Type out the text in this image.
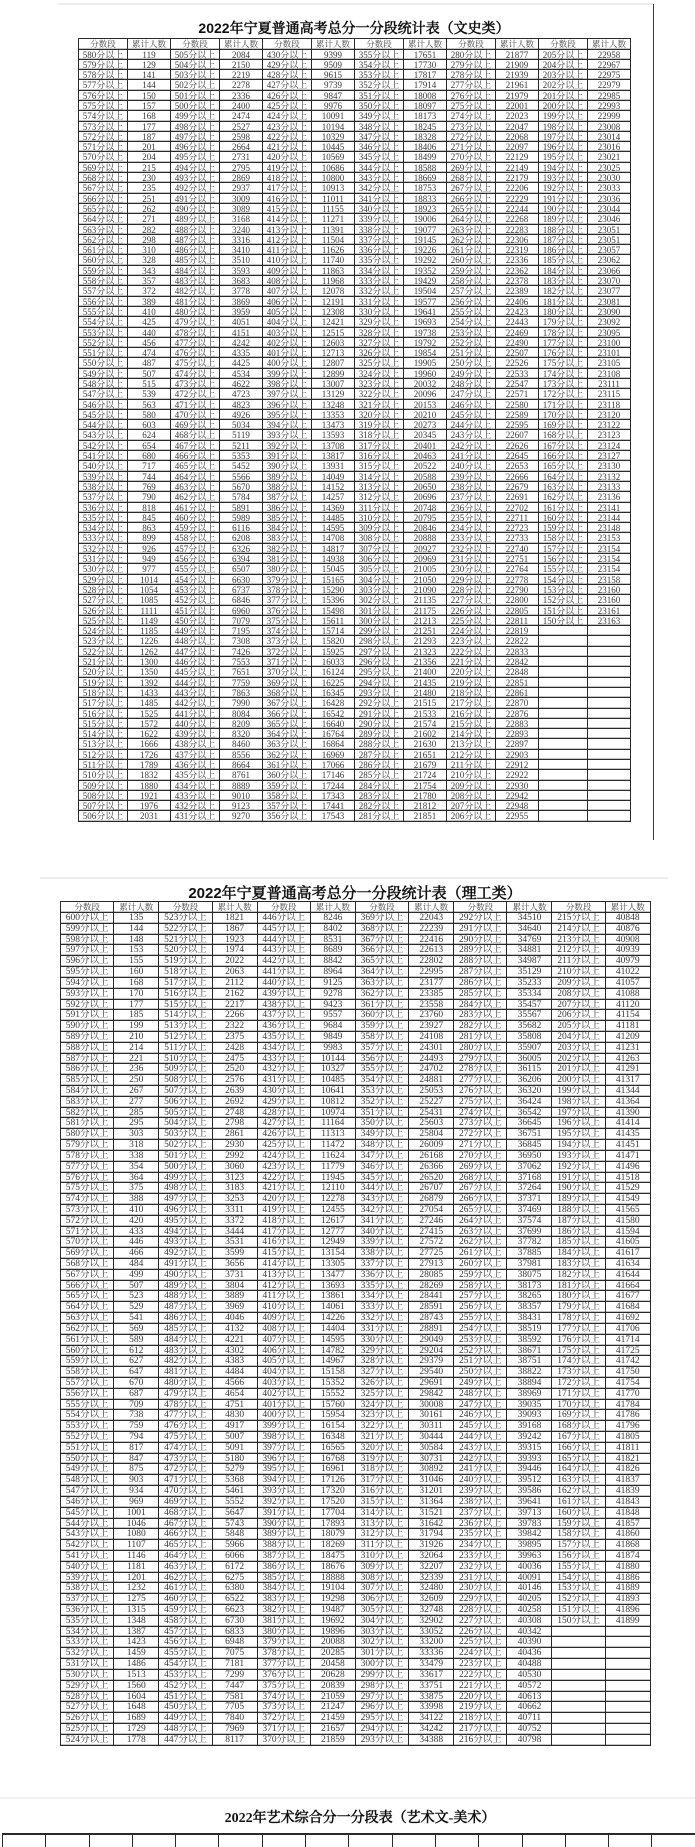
2022年宁夏普通高考总分一分段统计表（文史类）
分数段	累计人数	分数段	累计人数	分数段	累计人数	分数段	累计人数	分数段	累计人数	分数段	累计人数
580分以上	119	505分以上	2084	430分以上	9399	355分以上	17651	280分以上	21877	205分以上	22958
579分以上	129	504分以上	2150	429分以上	9509	354分以上	17730	279分以上	21909	204分以上	22967
578分以上	141	503分以上	2219	428分以上	9615	353分以上	17817	278分以上	21939	203分以上	22975
577分以上	144	502分以上	2278	427分以上	9739	352分以上	17914	277分以上	21961	202分以上	22979
576分以上	150	501分以上	2336	426分以上	9847	351分以上	18008	276分以上	21979	201分以上	22985
575分以上	157	500分以上	2400	425分以上	9976	350分以上	18097	275分以上	22001	200分以上	22993
574分以上	168	499分以上	2474	424分以上	10091	349分以上	18173	274分以上	22023	199分以上	22999
573分以上	177	498分以上	2527	423分以上	10194	348分以上	18245	273分以上	22047	198分以上	23008
572分以上	187	497分以上	2598	422分以上	10329	347分以上	18328	272分以上	22068	197分以上	23014
571分以上	201	496分以上	2664	421分以上	10445	346分以上	18406	271分以上	22097	196分以上	23016
570分以上	204	495分以上	2731	420分以上	10569	345分以上	18499	270分以上	22129	195分以上	23021
569分以上	215	494分以上	2795	419分以上	10686	344分以上	18588	269分以上	22149	194分以上	23025
568分以上	230	493分以上	2869	418分以上	10800	343分以上	18669	268分以上	22179	193分以上	23030
567分以上	235	492分以上	2937	417分以上	10913	342分以上	18753	267分以上	22206	192分以上	23033
566分以上	251	491分以上	3009	416分以上	11011	341分以上	18833	266分以上	22229	191分以上	23036
565分以上	262	490分以上	3089	415分以上	11155	340分以上	18923	265分以上	22244	190分以上	23044
564分以上	271	489分以上	3168	414分以上	11271	339分以上	19006	264分以上	22268	189分以上	23046
563分以上	282	488分以上	3240	413分以上	11391	338分以上	19077	263分以上	22283	188分以上	23051
562分以上	298	487分以上	3316	412分以上	11504	337分以上	19145	262分以上	22306	187分以上	23051
561分以上	310	486分以上	3410	411分以上	11626	336分以上	19226	261分以上	22319	186分以上	23057
560分以上	328	485分以上	3510	410分以上	11740	335分以上	19292	260分以上	22336	185分以上	23062
559分以上	343	484分以上	3593	409分以上	11863	334分以上	19352	259分以上	22362	184分以上	23066
558分以上	357	483分以上	3683	408分以上	11968	333分以上	19429	258分以上	22378	183分以上	23070
557分以上	372	482分以上	3778	407分以上	12078	332分以上	19504	257分以上	22389	182分以上	23077
556分以上	389	481分以上	3869	406分以上	12191	331分以上	19577	256分以上	22406	181分以上	23081
555分以上	410	480分以上	3959	405分以上	12308	330分以上	19641	255分以上	22423	180分以上	23090
554分以上	425	479分以上	4051	404分以上	12421	329分以上	19693	254分以上	22443	179分以上	23092
553分以上	440	478分以上	4151	403分以上	12515	328分以上	19738	253分以上	22469	178分以上	23095
552分以上	456	477分以上	4242	402分以上	12603	327分以上	19792	252分以上	22490	177分以上	23100
551分以上	474	476分以上	4335	401分以上	12713	326分以上	19854	251分以上	22507	176分以上	23101
550分以上	487	475分以上	4425	400分以上	12807	325分以上	19905	250分以上	22526	175分以上	23105
549分以上	507	474分以上	4534	399分以上	12899	324分以上	19960	249分以上	22533	174分以上	23108
548分以上	515	473分以上	4622	398分以上	13007	323分以上	20032	248分以上	22547	173分以上	23111
547分以上	539	472分以上	4723	397分以上	13129	322分以上	20096	247分以上	22571	172分以上	23115
546分以上	563	471分以上	4823	396分以上	13248	321分以上	20153	246分以上	22580	171分以上	23118
545分以上	580	470分以上	4926	395分以上	13353	320分以上	20210	245分以上	22589	170分以上	23120
544分以上	603	469分以上	5034	394分以上	13473	319分以上	20273	244分以上	22595	169分以上	23122
543分以上	624	468分以上	5119	393分以上	13593	318分以上	20345	243分以上	22607	168分以上	23123
542分以上	654	467分以上	5211	392分以上	13708	317分以上	20401	242分以上	22626	167分以上	23124
541分以上	680	466分以上	5353	391分以上	13817	316分以上	20463	241分以上	22645	166分以上	23127
540分以上	717	465分以上	5452	390分以上	13931	315分以上	20522	240分以上	22653	165分以上	23130
539分以上	744	464分以上	5566	389分以上	14049	314分以上	20588	239分以上	22666	164分以上	23132
538分以上	769	463分以上	5670	388分以上	14152	313分以上	20650	238分以上	22679	163分以上	23133
537分以上	790	462分以上	5784	387分以上	14257	312分以上	20696	237分以上	22691	162分以上	23136
536分以上	818	461分以上	5891	386分以上	14369	311分以上	20748	236分以上	22702	161分以上	23141
535分以上	845	460分以上	5989	385分以上	14485	310分以上	20795	235分以上	22711	160分以上	23144
534分以上	863	459分以上	6116	384分以上	14595	309分以上	20846	234分以上	22723	159分以上	23148
533分以上	899	458分以上	6208	383分以上	14708	308分以上	20888	233分以上	22733	158分以上	23153
532分以上	926	457分以上	6326	382分以上	14817	307分以上	20927	232分以上	22740	157分以上	23154
531分以上	949	456分以上	6394	381分以上	14938	306分以上	20969	231分以上	22751	156分以上	23154
530分以上	977	455分以上	6507	380分以上	15045	305分以上	21005	230分以上	22764	155分以上	23154
529分以上	1014	454分以上	6630	379分以上	15165	304分以上	21050	229分以上	22778	154分以上	23158
528分以上	1054	453分以上	6737	378分以上	15290	303分以上	21090	228分以上	22790	153分以上	23160
527分以上	1085	452分以上	6846	377分以上	15396	302分以上	21135	227分以上	22800	152分以上	23160
526分以上	1111	451分以上	6960	376分以上	15498	301分以上	21175	226分以上	22805	151分以上	23161
525分以上	1149	450分以上	7079	375分以上	15611	300分以上	21213	225分以上	22811	150分以上	23163
524分以上	1185	449分以上	7195	374分以上	15714	299分以上	21251	224分以上	22819
523分以上	1226	448分以上	7308	373分以上	15820	298分以上	21293	223分以上	22822
522分以上	1262	447分以上	7426	372分以上	15925	297分以上	21323	222分以上	22833
521分以上	1300	446分以上	7553	371分以上	16033	296分以上	21356	221分以上	22842
520分以上	1350	445分以上	7651	370分以上	16124	295分以上	21400	220分以上	22848
519分以上	1392	444分以上	7759	369分以上	16225	294分以上	21435	219分以上	22851
518分以上	1433	443分以上	7863	368分以上	16345	293分以上	21480	218分以上	22861
517分以上	1485	442分以上	7990	367分以上	16428	292分以上	21515	217分以上	22870
516分以上	1525	441分以上	8084	366分以上	16542	291分以上	21533	216分以上	22876
515分以上	1572	440分以上	8209	365分以上	16640	290分以上	21574	215分以上	22883
514分以上	1622	439分以上	8320	364分以上	16764	289分以上	21602	214分以上	22893
513分以上	1666	438分以上	8460	363分以上	16864	288分以上	21630	213分以上	22897
512分以上	1726	437分以上	8556	362分以上	16969	287分以上	21651	212分以上	22903
511分以上	1789	436分以上	8664	361分以上	17066	286分以上	21679	211分以上	22912
510分以上	1832	435分以上	8761	360分以上	17146	285分以上	21724	210分以上	22922
509分以上	1880	434分以上	8889	359分以上	17244	284分以上	21754	209分以上	22930
508分以上	1921	433分以上	9010	358分以上	17343	283分以上	21780	208分以上	22942
507分以上	1976	432分以上	9123	357分以上	17441	282分以上	21812	207分以上	22948
506分以上	2031	431分以上	9270	356分以上	17543	281分以上	21851	206分以上	22955
2022年宁夏普通高考总分一分段统计表（理工类）
分数段	累计人数	分数段	累计人数	分数段	累计人数	分数段	累计人数	分数段	累计人数	分数段	累计人数
600分以上	135	523分以上	1821	446分以上	8246	369分以上	22043	292分以上	34510	215分以上	40848
599分以上	144	522分以上	1867	445分以上	8402	368分以上	22239	291分以上	34640	214分以上	40876
598分以上	148	521分以上	1923	444分以上	8531	367分以上	22416	290分以上	34769	213分以上	40908
597分以上	153	520分以上	1974	443分以上	8689	366分以上	22613	289分以上	34881	212分以上	40939
596分以上	155	519分以上	2022	442分以上	8842	365分以上	22802	288分以上	34987	211分以上	40979
595分以上	160	518分以上	2063	441分以上	8964	364分以上	22995	287分以上	35129	210分以上	41022
594分以上	168	517分以上	2112	440分以上	9125	363分以上	23177	286分以上	35233	209分以上	41057
593分以上	170	516分以上	2162	439分以上	9278	362分以上	23385	285分以上	35334	208分以上	41088
592分以上	177	515分以上	2217	438分以上	9423	361分以上	23558	284分以上	35457	207分以上	41120
591分以上	185	514分以上	2266	437分以上	9557	360分以上	23760	283分以上	35567	206分以上	41154
590分以上	199	513分以上	2322	436分以上	9684	359分以上	23927	282分以上	35682	205分以上	41181
589分以上	210	512分以上	2375	435分以上	9849	358分以上	24108	281分以上	35808	204分以上	41209
588分以上	214	511分以上	2428	434分以上	9983	357分以上	24301	280分以上	35907	203分以上	41231
587分以上	221	510分以上	2475	433分以上	10144	356分以上	24493	279分以上	36005	202分以上	41263
586分以上	236	509分以上	2520	432分以上	10327	355分以上	24702	278分以上	36115	201分以上	41291
585分以上	250	508分以上	2576	431分以上	10485	354分以上	24881	277分以上	36206	200分以上	41317
584分以上	267	507分以上	2639	430分以上	10641	353分以上	25053	276分以上	36320	199分以上	41344
583分以上	277	506分以上	2692	429分以上	10812	352分以上	25227	275分以上	36424	198分以上	41364
582分以上	285	505分以上	2748	428分以上	10974	351分以上	25431	274分以上	36542	197分以上	41390
581分以上	295	504分以上	2798	427分以上	11164	350分以上	25603	273分以上	36645	196分以上	41414
580分以上	303	503分以上	2861	426分以上	11313	349分以上	25804	272分以上	36751	195分以上	41435
579分以上	318	502分以上	2930	425分以上	11472	348分以上	26009	271分以上	36845	194分以上	41451
578分以上	338	501分以上	2992	424分以上	11624	347分以上	26168	270分以上	36950	193分以上	41471
577分以上	354	500分以上	3060	423分以上	11779	346分以上	26366	269分以上	37062	192分以上	41496
576分以上	364	499分以上	3123	422分以上	11945	345分以上	26520	268分以上	37168	191分以上	41518
575分以上	375	498分以上	3183	421分以上	12110	344分以上	26707	267分以上	37264	190分以上	41529
574分以上	388	497分以上	3253	420分以上	12278	343分以上	26879	266分以上	37371	189分以上	41549
573分以上	410	496分以上	3311	419分以上	12455	342分以上	27054	265分以上	37469	188分以上	41565
572分以上	420	495分以上	3372	418分以上	12617	341分以上	27246	264分以上	37574	187分以上	41580
571分以上	433	494分以上	3444	417分以上	12777	340分以上	27415	263分以上	37699	186分以上	41594
570分以上	446	493分以上	3531	416分以上	12949	339分以上	27572	262分以上	37782	185分以上	41605
569分以上	466	492分以上	3599	415分以上	13154	338分以上	27725	261分以上	37885	184分以上	41617
568分以上	484	491分以上	3656	414分以上	13305	337分以上	27913	260分以上	37981	183分以上	41634
567分以上	499	490分以上	3731	413分以上	13477	336分以上	28085	259分以上	38075	182分以上	41644
566分以上	507	489分以上	3804	412分以上	13693	335分以上	28269	258分以上	38173	181分以上	41664
565分以上	523	488分以上	3889	411分以上	13861	334分以上	28441	257分以上	38265	180分以上	41677
564分以上	529	487分以上	3969	410分以上	14061	333分以上	28591	256分以上	38357	179分以上	41684
563分以上	541	486分以上	4046	409分以上	14226	332分以上	28743	255分以上	38431	178分以上	41692
562分以上	569	485分以上	4132	408分以上	14404	331分以上	28891	254分以上	38519	177分以上	41706
561分以上	589	484分以上	4221	407分以上	14595	330分以上	29049	253分以上	38592	176分以上	41714
560分以上	612	483分以上	4302	406分以上	14782	329分以上	29204	252分以上	38671	175分以上	41725
559分以上	627	482分以上	4383	405分以上	14967	328分以上	29379	251分以上	38751	174分以上	41742
558分以上	647	481分以上	4484	404分以上	15158	327分以上	29540	250分以上	38822	173分以上	41750
557分以上	670	480分以上	4566	403分以上	15352	326分以上	29691	249分以上	38894	172分以上	41754
556分以上	687	479分以上	4654	402分以上	15552	325分以上	29842	248分以上	38969	171分以上	41770
555分以上	709	478分以上	4751	401分以上	15760	324分以上	30008	247分以上	39035	170分以上	41784
554分以上	738	477分以上	4830	400分以上	15954	323分以上	30161	246分以上	39093	169分以上	41786
553分以上	759	476分以上	4917	399分以上	16154	322分以上	30311	245分以上	39168	168分以上	41796
552分以上	794	475分以上	5007	398分以上	16348	321分以上	30444	244分以上	39242	167分以上	41805
551分以上	817	474分以上	5091	397分以上	16565	320分以上	30584	243分以上	39315	166分以上	41811
550分以上	847	473分以上	5180	396分以上	16768	319分以上	30731	242分以上	39393	165分以上	41821
549分以上	875	472分以上	5279	395分以上	16961	318分以上	30892	241分以上	39446	164分以上	41826
548分以上	903	471分以上	5368	394分以上	17126	317分以上	31046	240分以上	39512	163分以上	41837
547分以上	934	470分以上	5461	393分以上	17320	316分以上	31201	239分以上	39586	162分以上	41839
546分以上	969	469分以上	5552	392分以上	17520	315分以上	31364	238分以上	39641	161分以上	41843
545分以上	1001	468分以上	5647	391分以上	17704	314分以上	31521	237分以上	39713	160分以上	41848
544分以上	1046	467分以上	5743	390分以上	17893	313分以上	31642	236分以上	39783	159分以上	41857
543分以上	1080	466分以上	5848	389分以上	18079	312分以上	31794	235分以上	39842	158分以上	41860
542分以上	1107	465分以上	5966	388分以上	18269	311分以上	31926	234分以上	39895	157分以上	41868
541分以上	1146	464分以上	6066	387分以上	18475	310分以上	32064	233分以上	39963	156分以上	41874
540分以上	1181	463分以上	6172	386分以上	18676	309分以上	32207	232分以上	40036	155分以上	41880
539分以上	1201	462分以上	6275	385分以上	18888	308分以上	32339	231分以上	40091	154分以上	41886
538分以上	1232	461分以上	6380	384分以上	19104	307分以上	32480	230分以上	40146	153分以上	41889
537分以上	1275	460分以上	6522	383分以上	19298	306分以上	32609	229分以上	40205	152分以上	41893
536分以上	1315	459分以上	6623	382分以上	19487	305分以上	32748	228分以上	40258	151分以上	41896
535分以上	1348	458分以上	6730	381分以上	19692	304分以上	32902	227分以上	40308	150分以上	41899
534分以上	1387	457分以上	6833	380分以上	19896	303分以上	33052	226分以上	40342
533分以上	1423	456分以上	6948	379分以上	20088	302分以上	33200	225分以上	40390
532分以上	1459	455分以上	7075	378分以上	20285	301分以上	33336	224分以上	40436
531分以上	1486	454分以上	7181	377分以上	20458	300分以上	33479	223分以上	40488
530分以上	1513	453分以上	7299	376分以上	20628	299分以上	33617	222分以上	40530
529分以上	1560	452分以上	7447	375分以上	20839	298分以上	33751	221分以上	40572
528分以上	1604	451分以上	7581	374分以上	21059	297分以上	33875	220分以上	40613
527分以上	1648	450分以上	7705	373分以上	21247	296分以上	33998	219分以上	40662
526分以上	1689	449分以上	7840	372分以上	21459	295分以上	34122	218分以上	40711
525分以上	1729	448分以上	7969	371分以上	21657	294分以上	34242	217分以上	40752
524分以上	1778	447分以上	8117	370分以上	21859	293分以上	34388	216分以上	40798
2022年艺术综合分一分段表（艺术文-美术）
